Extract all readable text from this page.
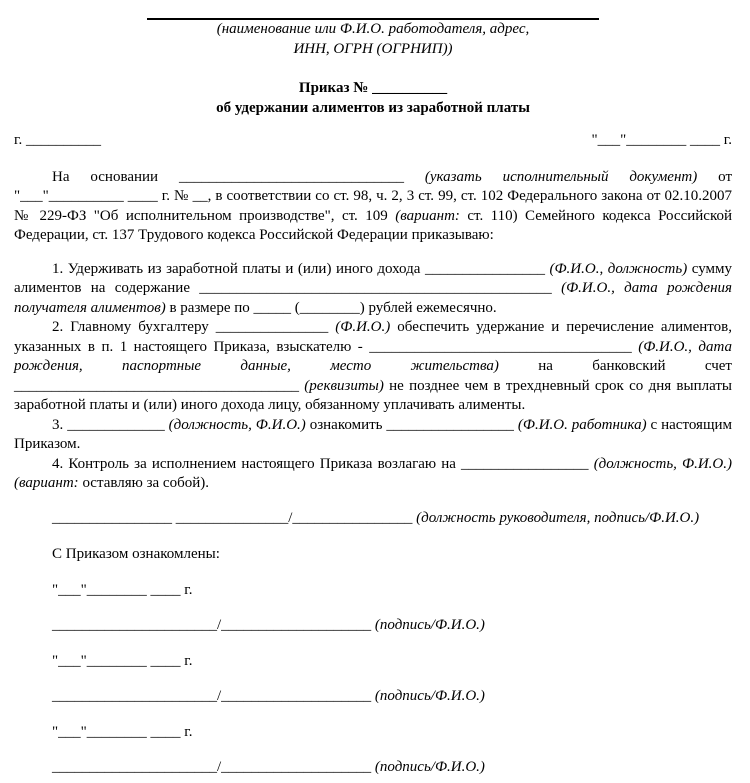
(наименование или Ф.И.О. работодателя, адрес,
ИНН, ОГРН (ОГРНИП))
Приказ № __________
об удержании алиментов из заработной платы
г. __________	"___"________ ____ г.

На основании ______________________________ (указать исполнительный документ) от "___"__________ ____ г. № __, в соответствии со ст. 98, ч. 2, 3 ст. 99, ст. 102 Федерального закона от 02.10.2007 № 229-ФЗ "Об исполнительном производстве", ст. 109 (вариант: ст. 110) Семейного кодекса Российской Федерации, ст. 137 Трудового кодекса Российской Федерации приказываю:

1. Удерживать из заработной платы и (или) иного дохода ________________ (Ф.И.О., должность) сумму алиментов на содержание _______________________________________________ (Ф.И.О., дата рождения получателя алиментов) в размере по _____ (________) рублей ежемесячно.

2. Главному бухгалтеру _______________ (Ф.И.О.) обеспечить удержание и перечисление алиментов, указанных в п. 1 настоящего Приказа, взыскателю - ___________________________________ (Ф.И.О., дата рождения, паспортные данные, место жительства) на банковский счет ______________________________________ (реквизиты) не позднее чем в трехдневный срок со дня выплаты заработной платы и (или) иного дохода лицу, обязанному уплачивать алименты.

3. _____________ (должность, Ф.И.О.) ознакомить _________________ (Ф.И.О. работника) с настоящим Приказом.

4. Контроль за исполнением настоящего Приказа возлагаю на _________________ (должность, Ф.И.О.) (вариант: оставляю за собой).

________________ _______________/________________ (должность руководителя, подпись/Ф.И.О.)

С Приказом ознакомлены:

"___"________ ____ г.
______________________/____________________ (подпись/Ф.И.О.)
"___"________ ____ г.
______________________/____________________ (подпись/Ф.И.О.)
"___"________ ____ г.
______________________/____________________ (подпись/Ф.И.О.)
